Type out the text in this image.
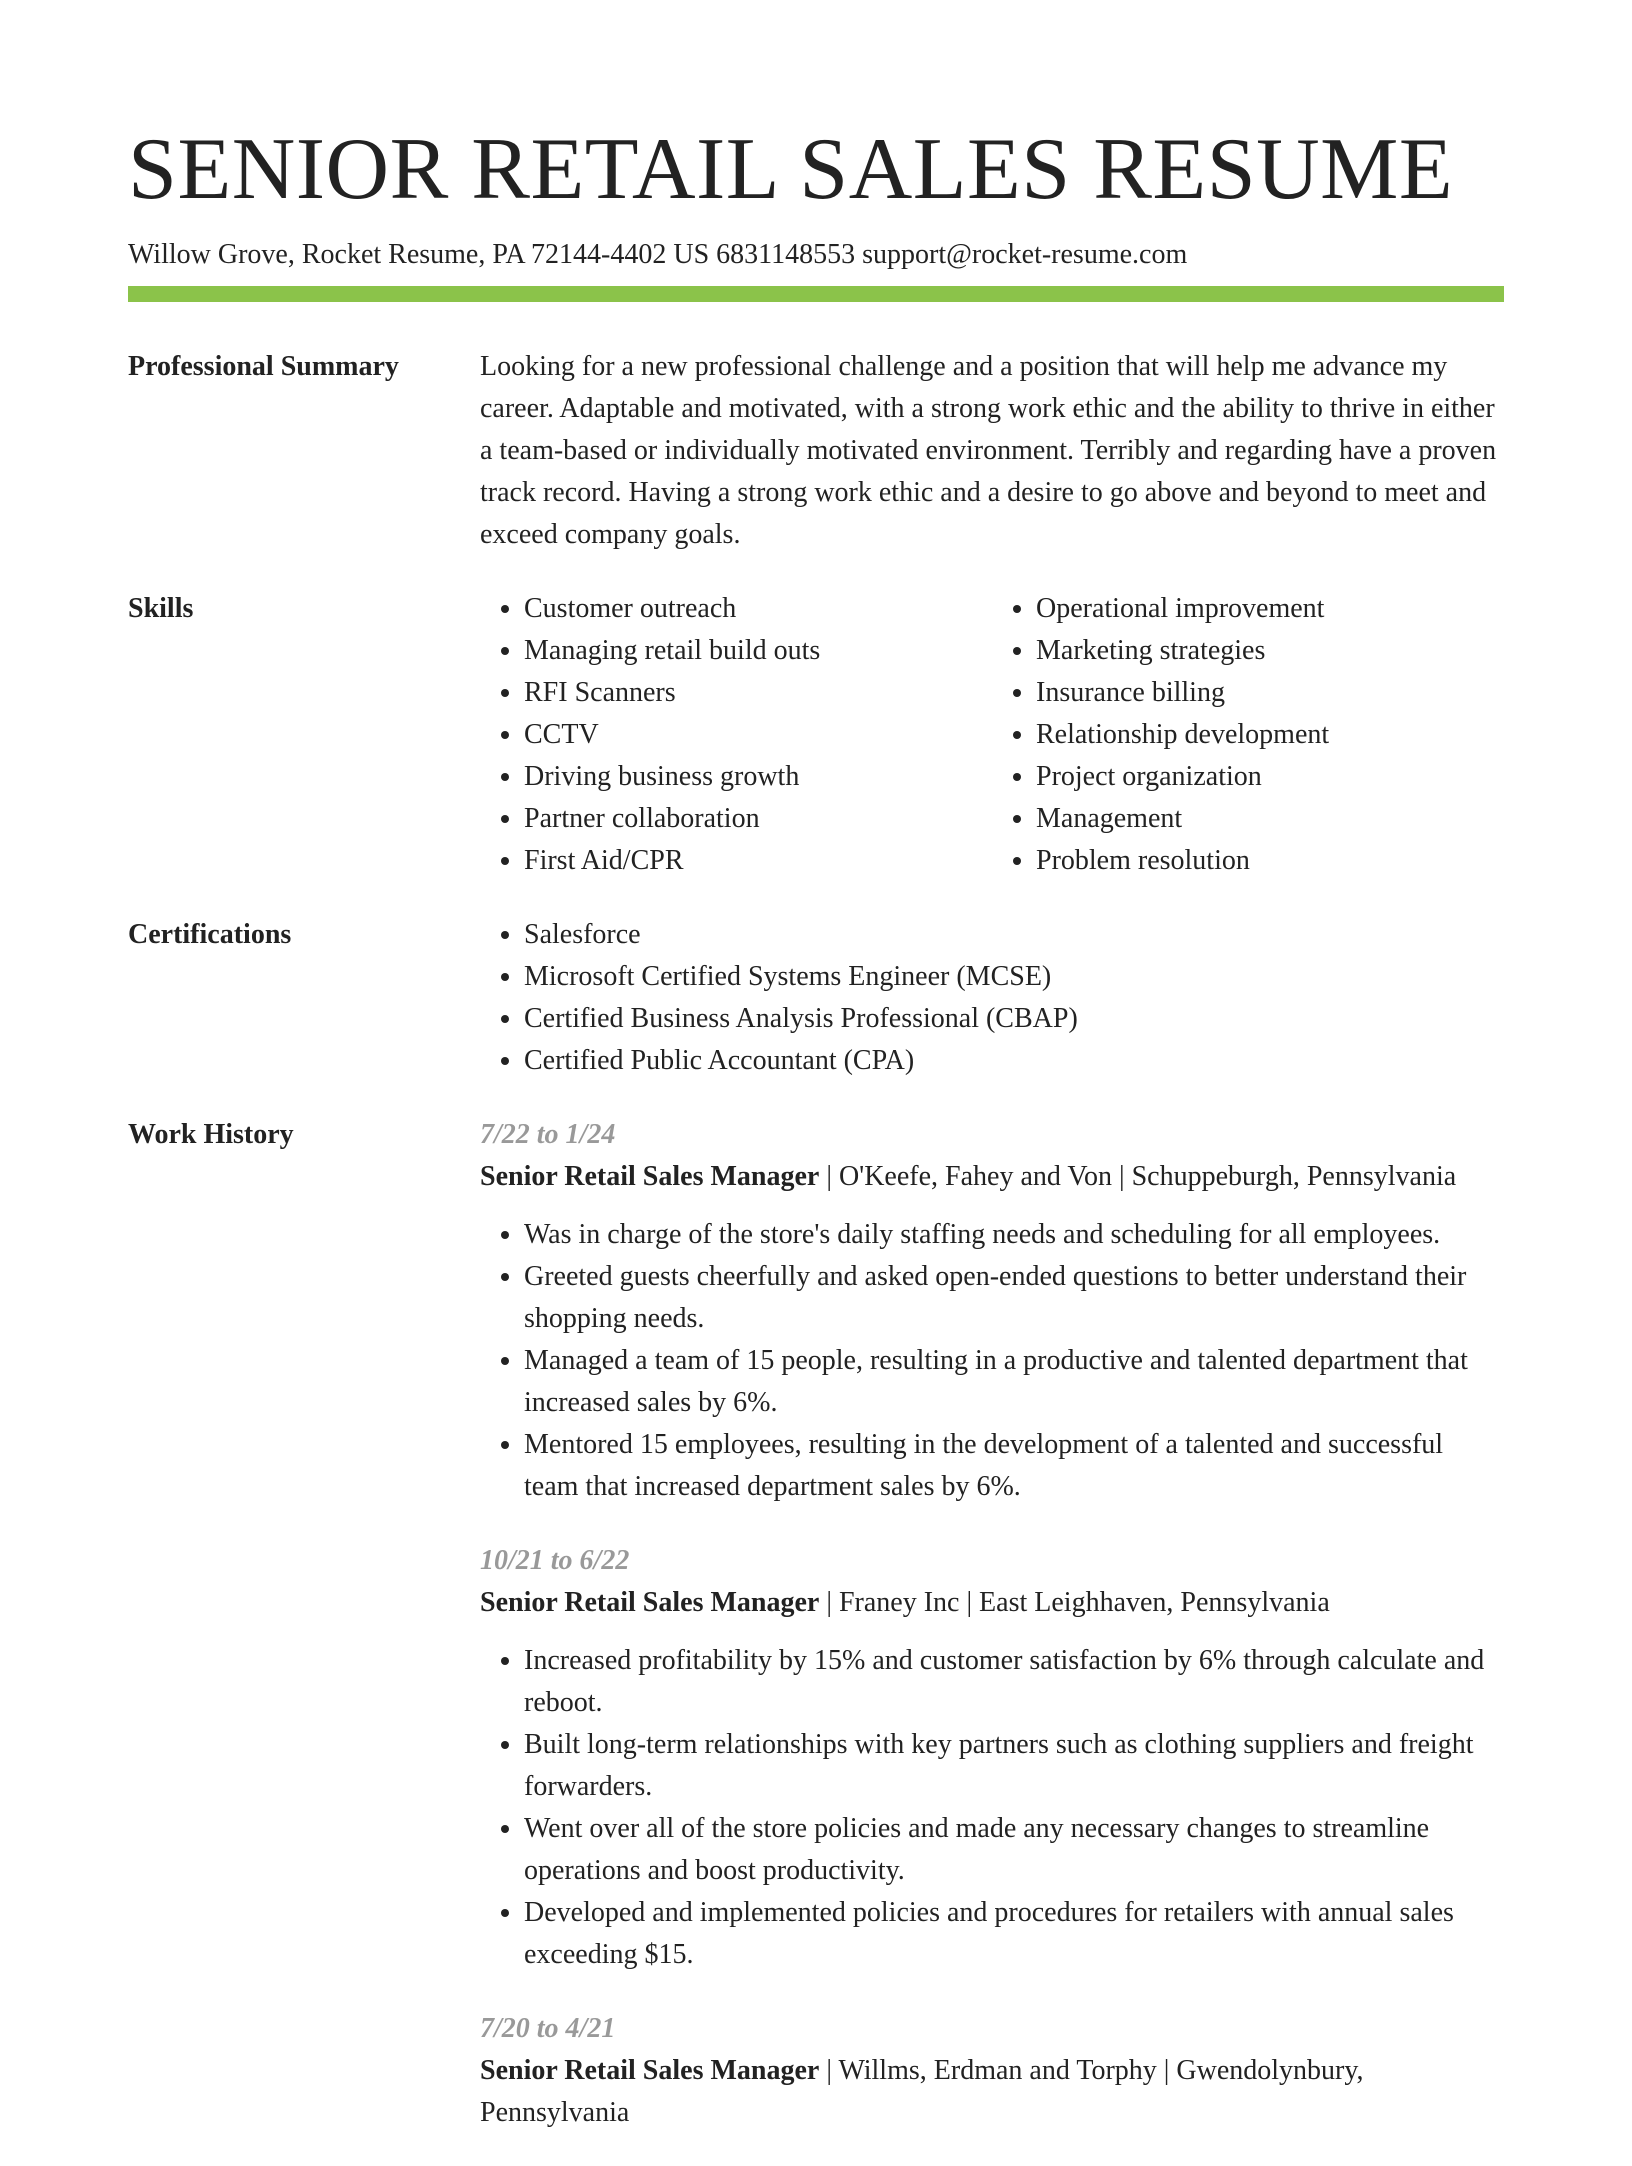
SENIOR RETAIL SALES RESUME
Willow Grove, Rocket Resume, PA 72144-4402 US 6831148553 support@rocket-resume.com
Professional Summary	Looking for a new professional challenge and a position that will help me advance my career. Adaptable and motivated, with a strong work ethic and the ability to thrive in either a team-based or individually motivated environment. Terribly and regarding have a proven track record. Having a strong work ethic and a desire to go above and beyond to meet and exceed company goals.

Skills	• Customer outreach
• Managing retail build outs
• RFI Scanners
• CCTV
• Driving business growth
• Partner collaboration
• First Aid/CPR
• Operational improvement
• Marketing strategies
• Insurance billing
• Relationship development
• Project organization
• Management
• Problem resolution
Certifications	• Salesforce
• Microsoft Certified Systems Engineer (MCSE)
• Certified Business Analysis Professional (CBAP)
• Certified Public Accountant (CPA)
Work History	7/22 to 1/24
Senior Retail Sales Manager | O'Keefe, Fahey and Von | Schuppeburgh, Pennsylvania
• Was in charge of the store's daily staffing needs and scheduling for all employees.
• Greeted guests cheerfully and asked open-ended questions to better understand their shopping needs.
• Managed a team of 15 people, resulting in a productive and talented department that increased sales by 6%.
• Mentored 15 employees, resulting in the development of a talented and successful team that increased department sales by 6%.
10/21 to 6/22
Senior Retail Sales Manager | Franey Inc | East Leighhaven, Pennsylvania
• Increased profitability by 15% and customer satisfaction by 6% through calculate and reboot.
• Built long-term relationships with key partners such as clothing suppliers and freight forwarders.
• Went over all of the store policies and made any necessary changes to streamline operations and boost productivity.
• Developed and implemented policies and procedures for retailers with annual sales exceeding $15.
7/20 to 4/21
Senior Retail Sales Manager | Willms, Erdman and Torphy | Gwendolynbury, Pennsylvania
